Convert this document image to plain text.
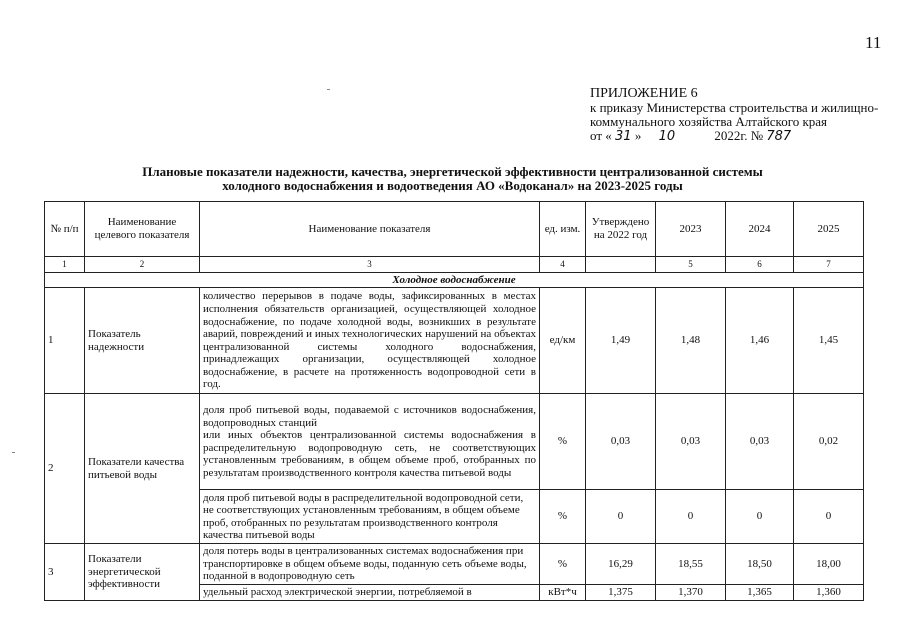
11
ПРИЛОЖЕНИЕ 6
к приказу Министерства строительства и жилищно-
коммунального хозяйства Алтайского края
от « 31 » 10	2022г. № 787
Плановые показатели надежности, качества, энергетической эффективности централизованной системы
холодного водоснабжения и водоотведения АО «Водоканал» на 2023-2025 годы
№ п/п	Наименование целевого показателя	Наименование показателя	ед. изм.	Утверждено на 2022 год	2023	2024	2025
1	2	3	4		5	6	7
Холодное водоснабжение							
1	Показатель надежности	количество перерывов в подаче воды, зафиксированных в местах исполнения обязательств организацией, осуществляющей холодное водоснабжение, по подаче холодной воды, возникших в результате аварий, повреждений и иных технологических нарушений на объектах централизованной системы холодного водоснабжения, принадлежащих организации, осуществляющей холодное водоснабжение, в расчете на протяженность водопроводной сети в год.	ед/км	1,49	1,48	1,46	1,45
2	Показатели качества питьевой воды	доля проб питьевой воды, подаваемой с источников водоснабжения, водопроводных станций
или иных объектов централизованной системы водоснабжения в распределительную водопроводную сеть, не соответствующих установленным требованиям, в общем объеме проб, отобранных по результатам производственного контроля качества питьевой воды	%	0,03	0,03	0,03	0,02
		доля проб питьевой воды в распределительной водопроводной сети, не соответствующих установленным требованиям, в общем объеме проб, отобранных по результатам производственного контроля качества питьевой воды	%	0	0	0	0
3	Показатели энергетической эффективности	доля потерь воды в централизованных системах водоснабжения при транспортировке в общем объеме воды, поданную сеть объеме воды, поданной в водопроводную сеть	%	16,29	18,55	18,50	18,00
		удельный расход электрической энергии, потребляемой в	кВт*ч	1,375	1,370	1,365	1,360
